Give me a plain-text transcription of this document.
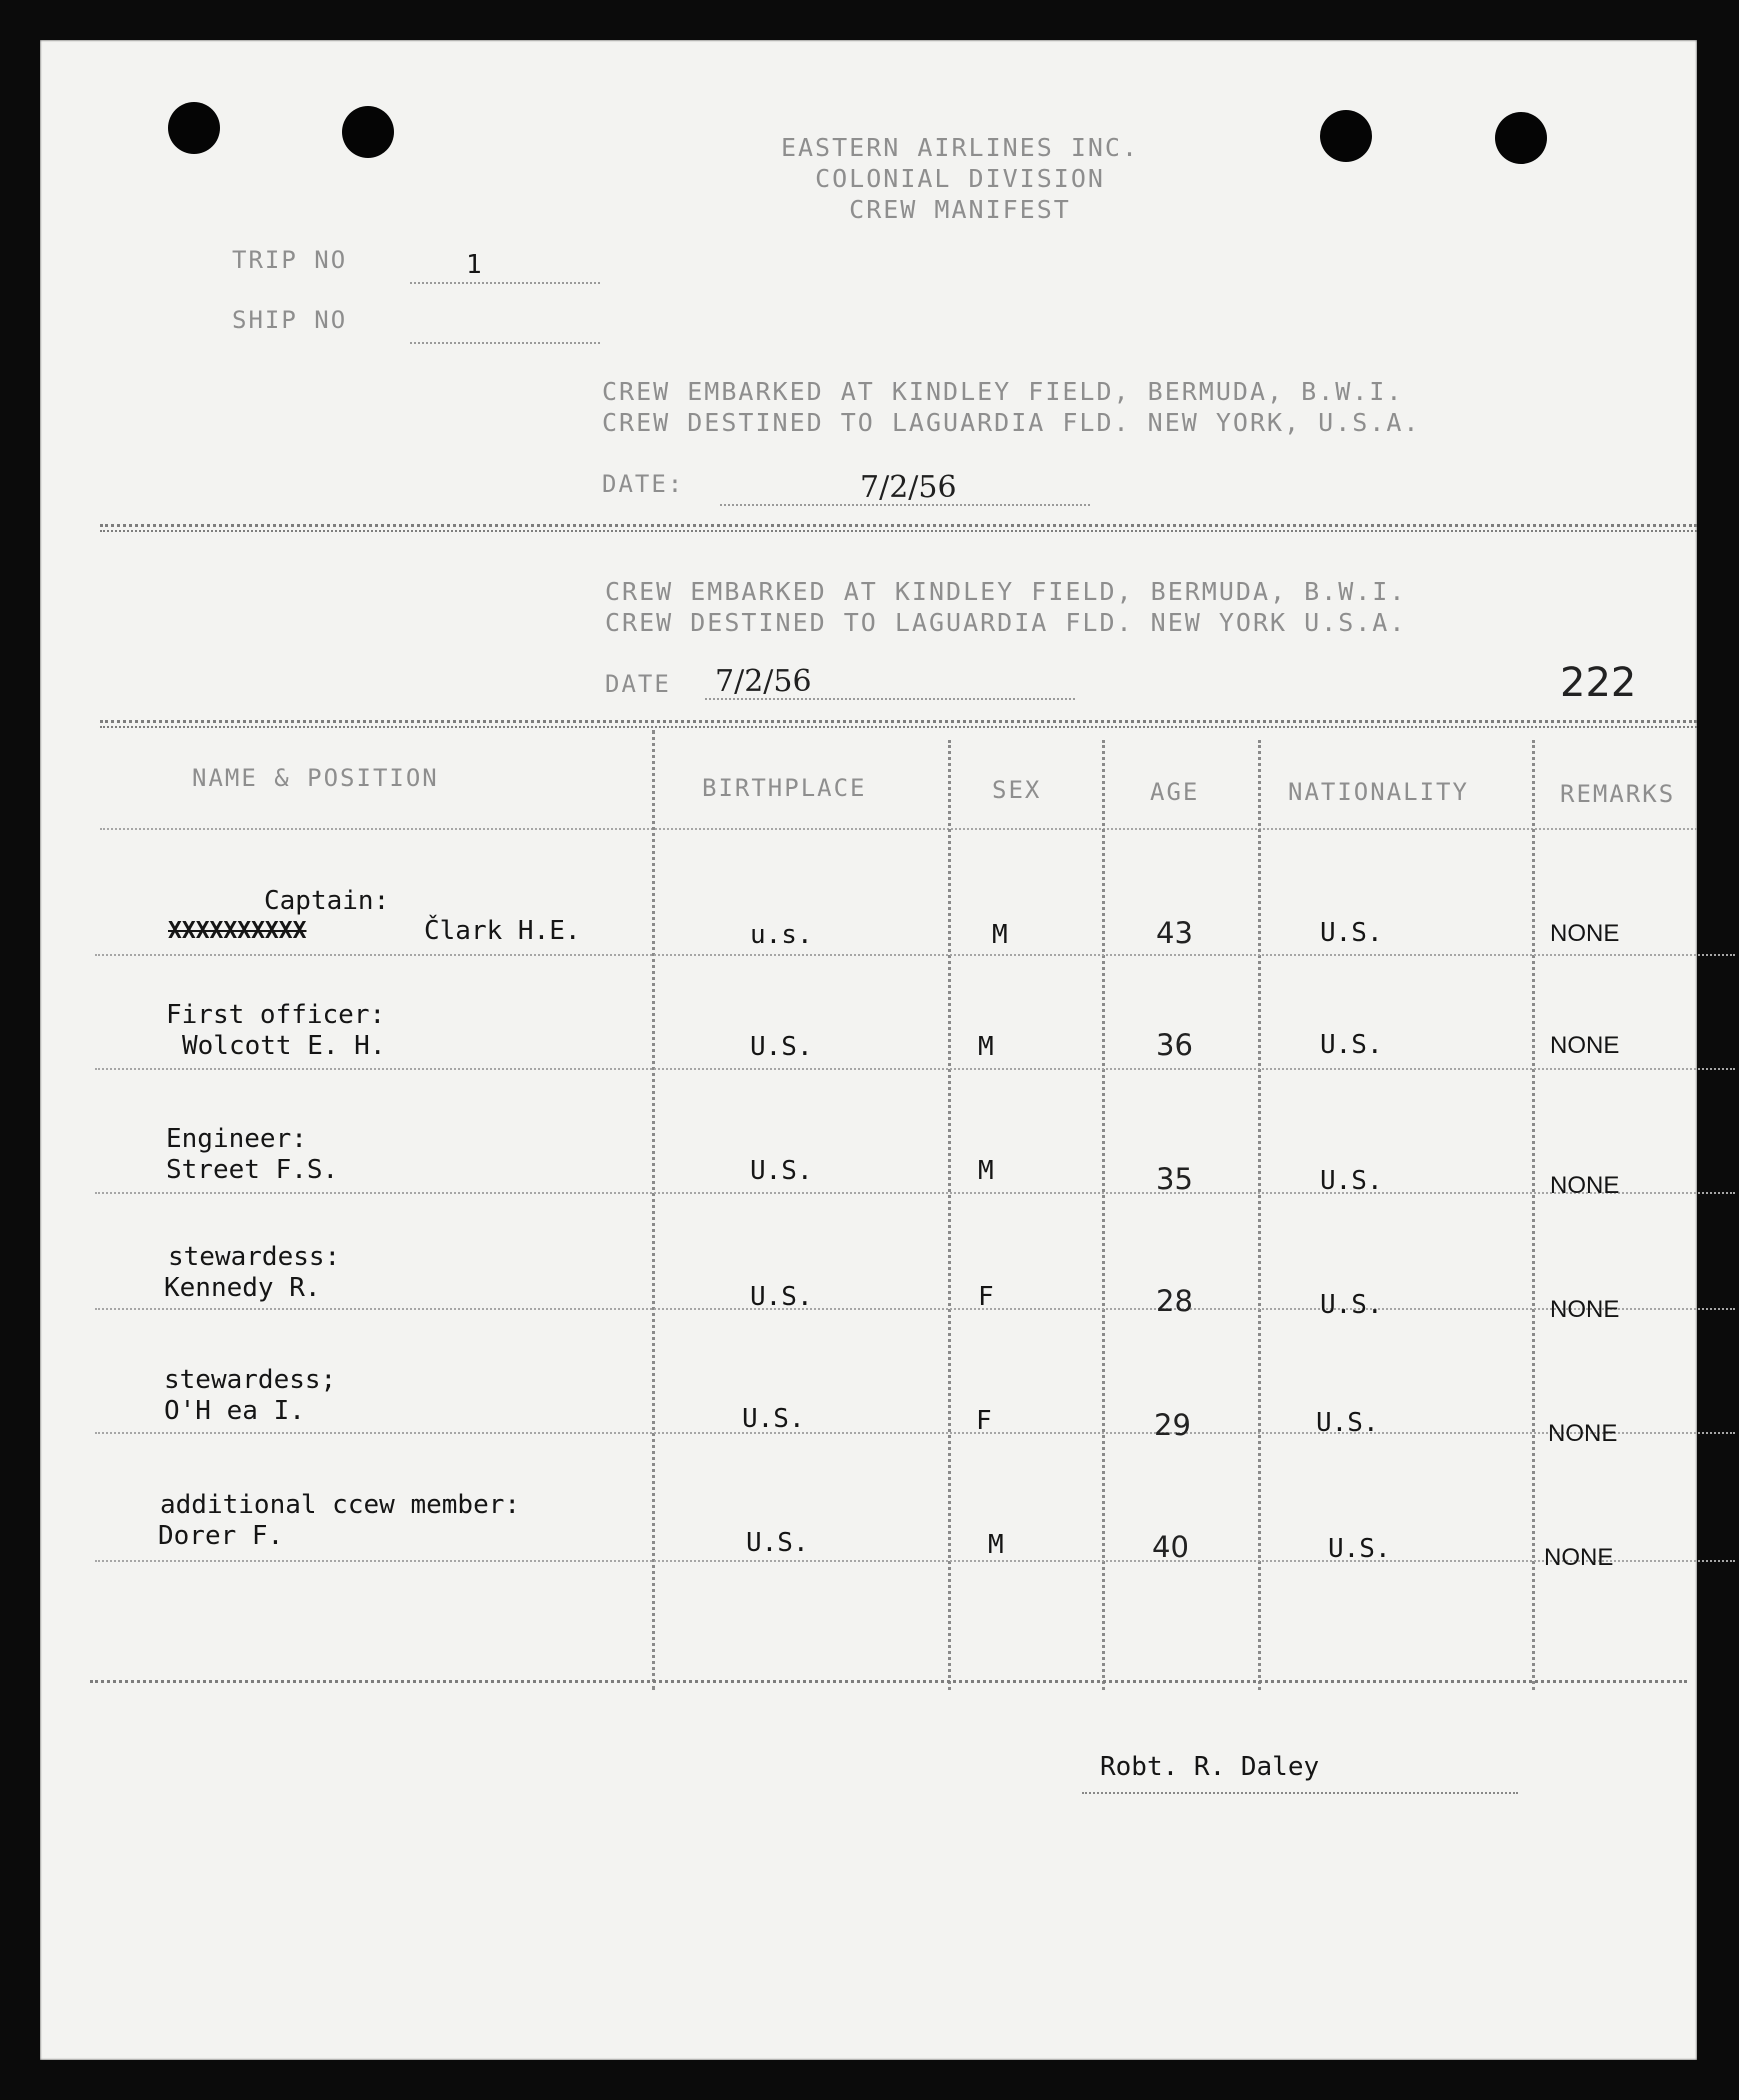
EASTERN AIRLINES INC.
COLONIAL DIVISION
CREW MANIFEST
TRIP NO	1
SHIP NO
CREW EMBARKED AT KINDLEY FIELD, BERMUDA, B.W.I.
CREW DESTINED TO LAGUARDIA FLD. NEW YORK, U.S.A.
DATE:	7/2/56
CREW EMBARKED AT KINDLEY FIELD, BERMUDA, B.W.I.
CREW DESTINED TO LAGUARDIA FLD. NEW YORK U.S.A.
DATE 7/2/56	222
NAME & POSITION	BIRTHPLACE	SEX	AGE	NATIONALITY	REMARKS
Captain:
XXXXXXXXXX	Člark H.E.	u.s.	M	43	U.S.	NONE
First officer:
Wolcott E. H.	U.S.	M	36	U.S.	NONE
Engineer:
Street F.S.	U.S.	M	35	U.S.	NONE
stewardess:
Kennedy R.	U.S.	F	28	U.S.	NONE
stewardess;
O'H ea I.	U.S.	F	29	U.S.	NONE
additional ccew member:
Dorer F.	U.S.	M	40	U.S.	NONE
Robt. R. Daley
